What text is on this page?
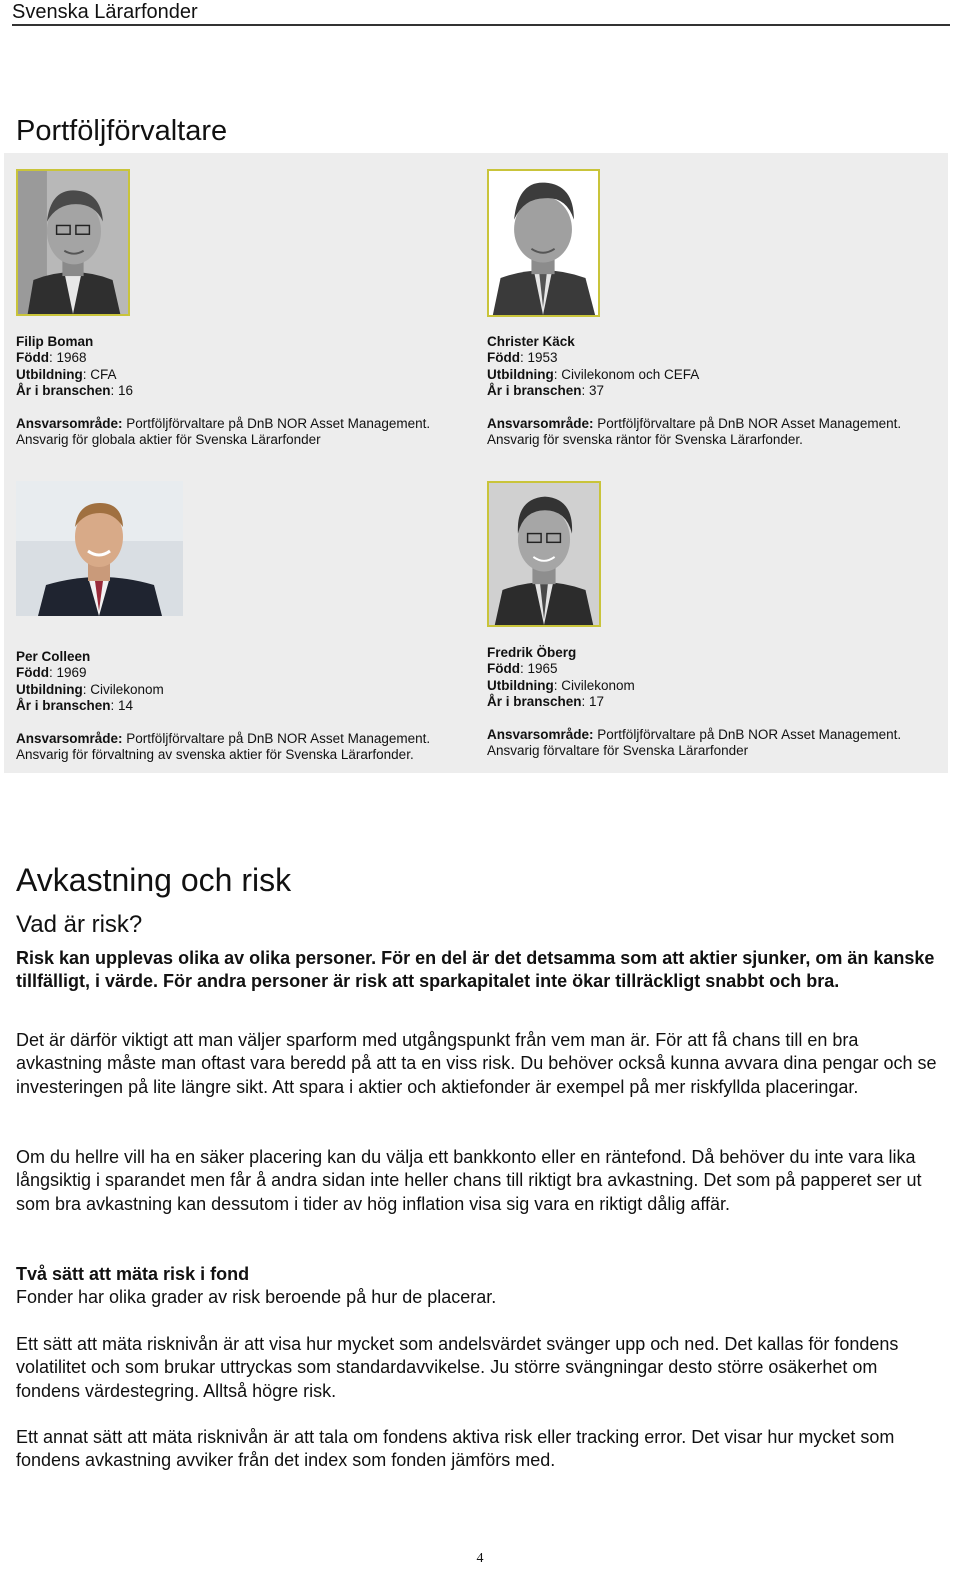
Svenska Lärarfonder
Portföljförvaltare
Filip Boman
Född: 1968
Utbildning: CFA
År i branschen: 16
Ansvarsområde: Portföljförvaltare på DnB NOR Asset Management.
Ansvarig för globala aktier för Svenska Lärarfonder
Christer Käck
Född: 1953
Utbildning: Civilekonom och CEFA
År i branschen: 37
Ansvarsområde: Portföljförvaltare på DnB NOR Asset Management.
Ansvarig för svenska räntor för Svenska Lärarfonder.
Per Colleen
Född: 1969
Utbildning: Civilekonom
År i branschen: 14
Ansvarsområde: Portföljförvaltare på DnB NOR Asset Management.
Ansvarig för förvaltning av svenska aktier för Svenska Lärarfonder.
Fredrik Öberg
Född: 1965
Utbildning: Civilekonom
År i branschen: 17
Ansvarsområde: Portföljförvaltare på DnB NOR Asset Management.
Ansvarig förvaltare för Svenska Lärarfonder
Avkastning och risk
Vad är risk?
Risk kan upplevas olika av olika personer. För en del är det detsamma som att aktier sjunker, om än kanske tillfälligt, i värde. För andra personer är risk att sparkapitalet inte ökar tillräckligt snabbt och bra.
Det är därför viktigt att man väljer sparform med utgångspunkt från vem man är. För att få chans till en bra avkastning måste man oftast vara beredd på att ta en viss risk. Du behöver också kunna avvara dina pengar och se investeringen på lite längre sikt. Att spara i aktier och aktiefonder är exempel på mer riskfyllda placeringar.
Om du hellre vill ha en säker placering kan du välja ett bankkonto eller en räntefond. Då behöver du inte vara lika långsiktig i sparandet men får å andra sidan inte heller chans till riktigt bra avkastning. Det som på papperet ser ut som bra avkastning kan dessutom i tider av hög inflation visa sig vara en riktigt dålig affär.
Två sätt att mäta risk i fond
Fonder har olika grader av risk beroende på hur de placerar.
Ett sätt att mäta risknivån är att visa hur mycket som andelsvärdet svänger upp och ned. Det kallas för fondens volatilitet och som brukar uttryckas som standardavvikelse. Ju större svängningar desto större osäkerhet om fondens värdestegring. Alltså högre risk.
Ett annat sätt att mäta risknivån är att tala om fondens aktiva risk eller tracking error. Det visar hur mycket som fondens avkastning avviker från det index som fonden jämförs med.
4
